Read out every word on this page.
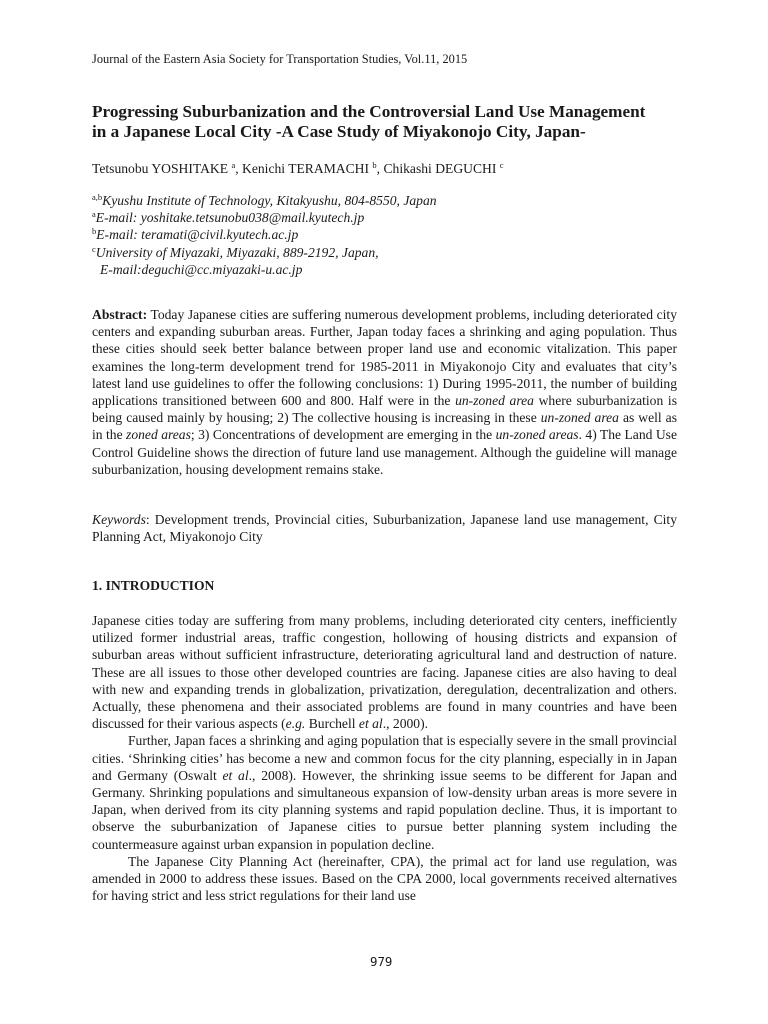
Journal of the Eastern Asia Society for Transportation Studies, Vol.11, 2015
Progressing Suburbanization and the Controversial Land Use Management
in a Japanese Local City -A Case Study of Miyakonojo City, Japan-
Tetsunobu YOSHITAKE $^a$, Kenichi TERAMACHI $^b$, Chikashi DEGUCHI $^c$
$^{a,b}$Kyushu Institute of Technology, Kitakyushu, 804-8550, Japan
$^a$E-mail: yoshitake.tetsunobu038@mail.kyutech.jp
$^b$E-mail: teramati@civil.kyutech.ac.jp
$^c$University of Miyazaki, Miyazaki, 889-2192, Japan,
E-mail:deguchi@cc.miyazaki-u.ac.jp

Abstract: Today Japanese cities are suffering numerous development problems, including deteriorated city centers and expanding suburban areas. Further, Japan today faces a shrinking and aging population. Thus these cities should seek better balance between proper land use and economic vitalization. This paper examines the long-term development trend for 1985-2011 in Miyakonojo City and evaluates that city’s latest land use guidelines to offer the following conclusions: 1) During 1995-2011, the number of building applications transitioned between 600 and 800. Half were in the un-zoned area where suburbanization is being caused mainly by housing; 2) The collective housing is increasing in these un-zoned area as well as in the zoned areas; 3) Concentrations of development are emerging in the un-zoned areas. 4) The Land Use Control Guideline shows the direction of future land use management. Although the guideline will manage suburbanization, housing development remains stake.

Keywords: Development trends, Provincial cities, Suburbanization, Japanese land use management, City Planning Act, Miyakonojo City

1. INTRODUCTION

Japanese cities today are suffering from many problems, including deteriorated city centers, inefficiently utilized former industrial areas, traffic congestion, hollowing of housing districts and expansion of suburban areas without sufficient infrastructure, deteriorating agricultural land and destruction of nature. These are all issues to those other developed countries are facing. Japanese cities are also having to deal with new and expanding trends in globalization, privatization, deregulation, decentralization and others. Actually, these phenomena and their associated problems are found in many countries and have been discussed for their various aspects (e.g. Burchell et al., 2000).

Further, Japan faces a shrinking and aging population that is especially severe in the small provincial cities. ‘Shrinking cities’ has become a new and common focus for the city planning, especially in in Japan and Germany (Oswalt et al., 2008). However, the shrinking issue seems to be different for Japan and Germany. Shrinking populations and simultaneous expansion of low-density urban areas is more severe in Japan, when derived from its city planning systems and rapid population decline. Thus, it is important to observe the suburbanization of Japanese cities to pursue better planning system including the countermeasure against urban expansion in population decline.

The Japanese City Planning Act (hereinafter, CPA), the primal act for land use regulation, was amended in 2000 to address these issues. Based on the CPA 2000, local governments received alternatives for having strict and less strict regulations for their land use

979
